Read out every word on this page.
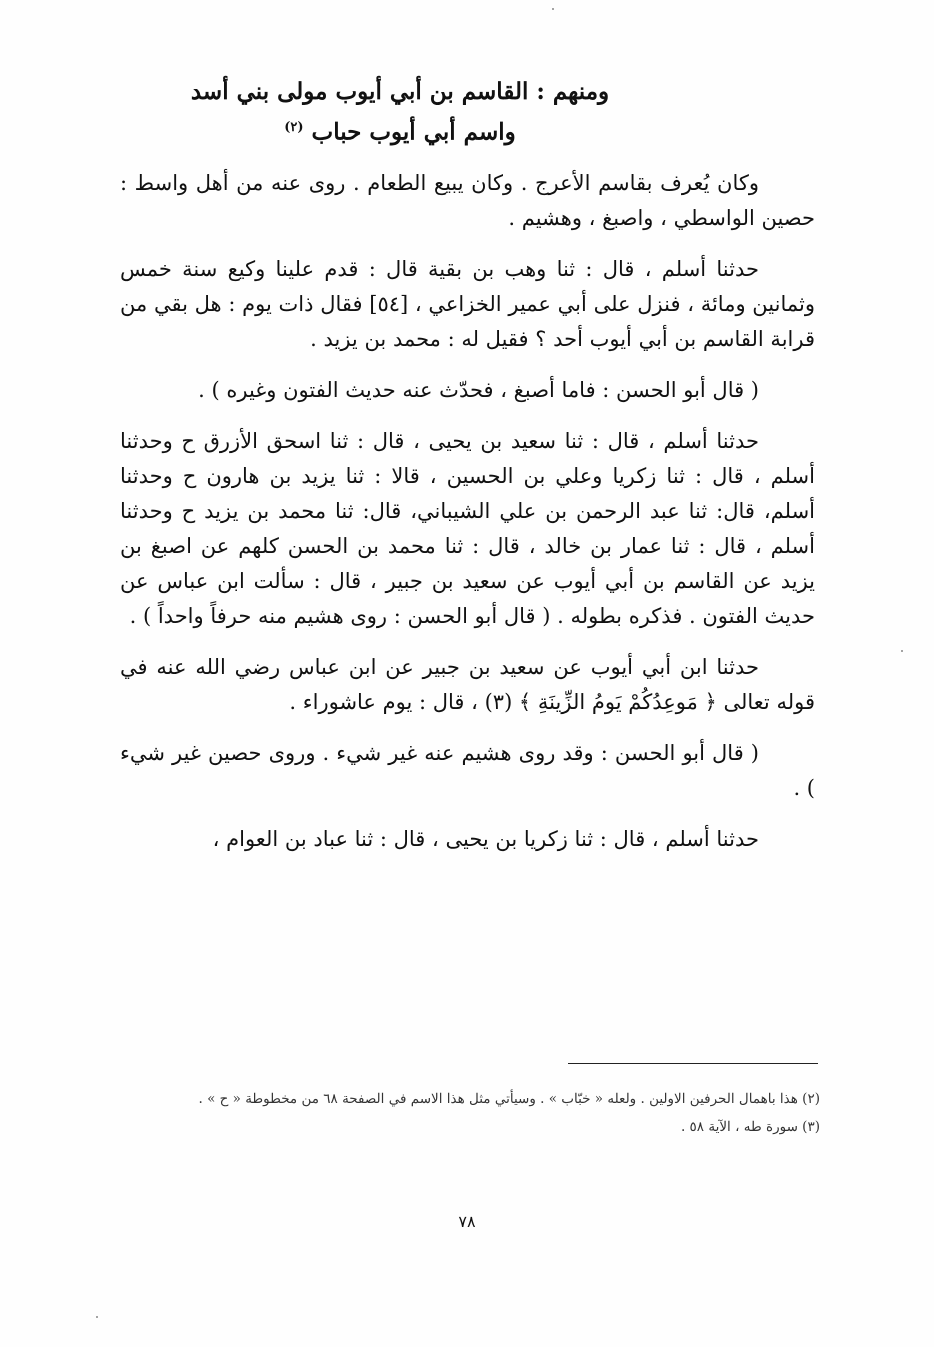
ومنهم : القاسم بن أبي أيوب مولى بني أسد
واسم أبي أيوب حباب $^{(٢)}$

وكان يُعرف بقاسم الأعرج . وكان يبيع الطعام . روى عنه من أهل واسط : حصين الواسطي ، واصبغ ، وهشيم .

حدثنا أسلم ، قال : ثنا وهب بن بقية قال : قدم علينا وكيع سنة خمس وثمانين ومائة ، فنزل على أبي عمير الخزاعي ، [٥٤] فقال ذات يوم : هل بقي من قرابة القاسم بن أبي أيوب أحد ؟ فقيل له : محمد بن يزيد .

( قال أبو الحسن : فاما أصبغ ، فحدّث عنه حديث الفتون وغيره ) .

حدثنا أسلم ، قال : ثنا سعيد بن يحيى ، قال : ثنا اسحق الأزرق ح وحدثنا أسلم ، قال : ثنا زكريا وعلي بن الحسين ، قالا : ثنا يزيد بن هارون ح وحدثنا أسلم، قال: ثنا عبد الرحمن بن علي الشيباني، قال: ثنا محمد بن يزيد ح وحدثنا أسلم ، قال : ثنا عمار بن خالد ، قال : ثنا محمد بن الحسن كلهم عن اصبغ بن يزيد عن القاسم بن أبي أيوب عن سعيد بن جبير ، قال : سألت ابن عباس عن حديث الفتون . فذكره بطوله . ( قال أبو الحسن : روى هشيم منه حرفاً واحداً ) .

حدثنا ابن أبي أيوب عن سعيد بن جبير عن ابن عباس رضي الله عنه في قوله تعالى ﴿ مَوعِدُكُمْ يَومُ الزِّينَةِ ﴾ (٣) ، قال : يوم عاشوراء .

( قال أبو الحسن : وقد روى هشيم عنه غير شيء . وروى حصين غير شيء ) .

حدثنا أسلم ، قال : ثنا زكريا بن يحيى ، قال : ثنا عباد بن العوام ،

(٢) هذا باهمال الحرفين الاولين . ولعله « خبّاب » . وسيأتي مثل هذا الاسم في الصفحة ٦٨ من مخطوطة « ح » .

(٣) سورة طه ، الآية ٥٨ .

٧٨
